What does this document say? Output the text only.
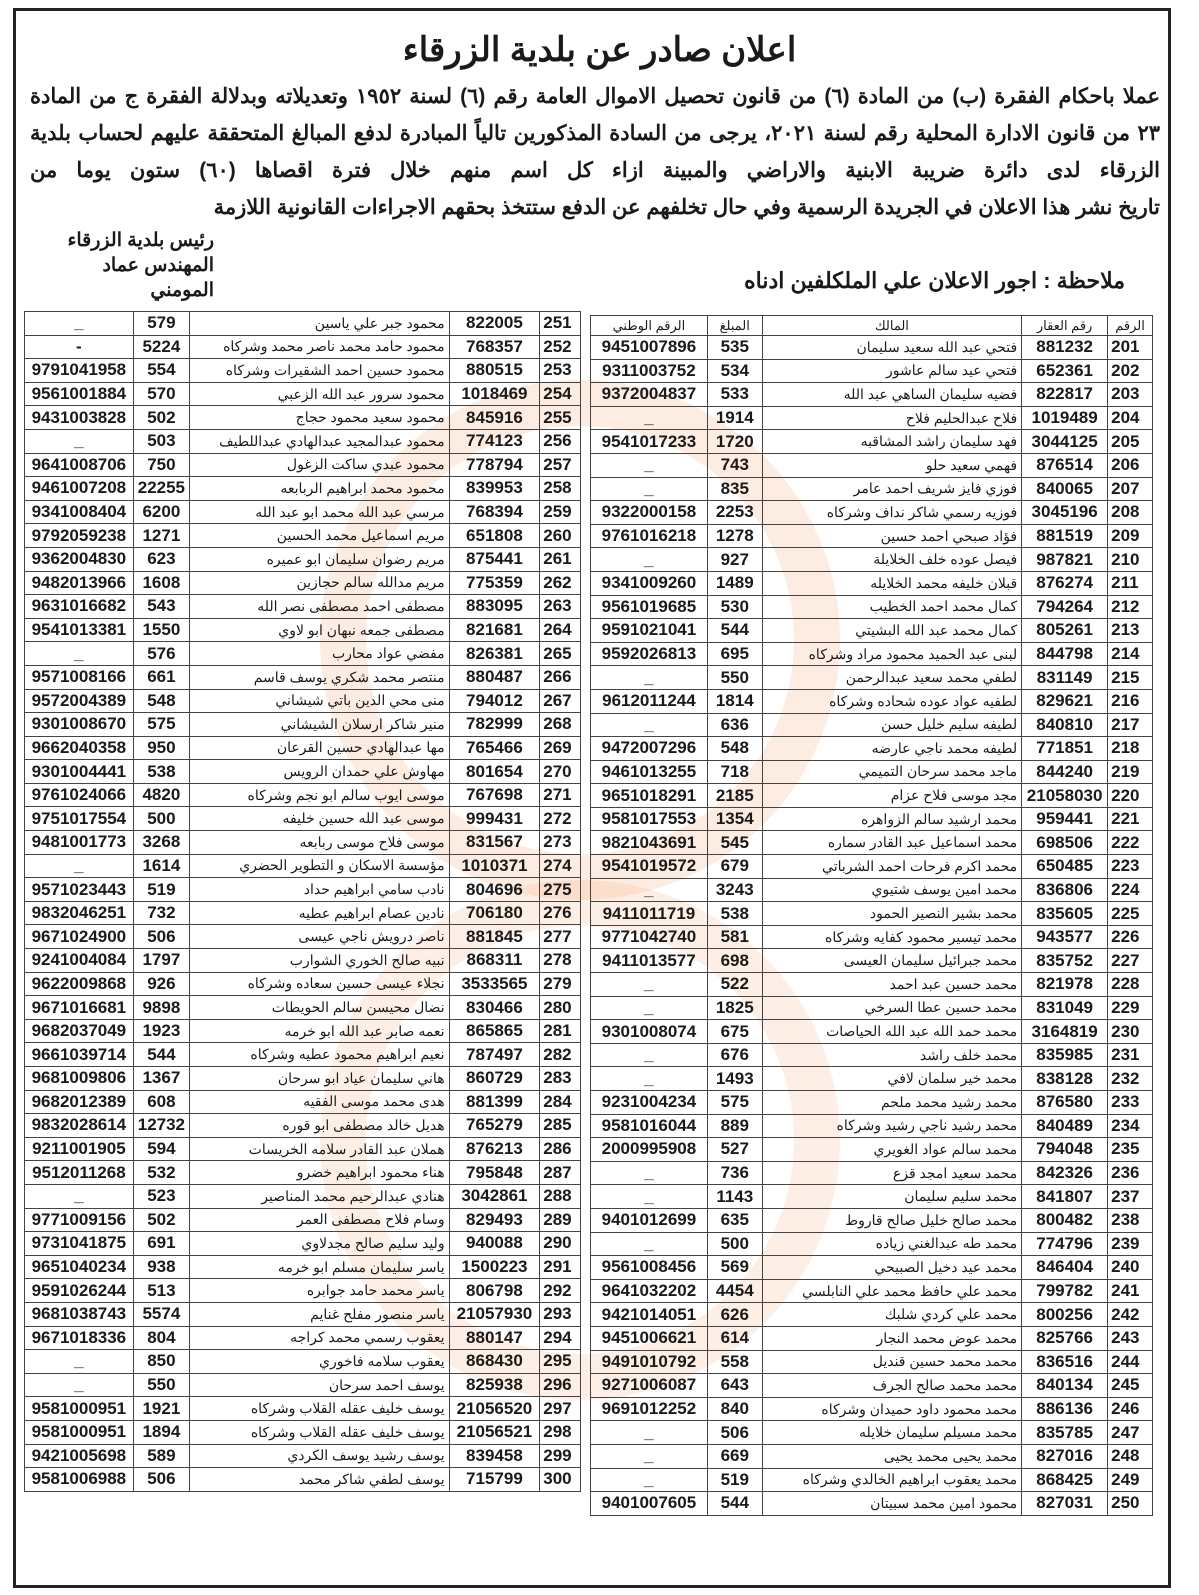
اعلان صادر عن بلدية الزرقاء
عملا باحكام الفقرة (ب) من المادة (٦) من قانون تحصيل الاموال العامة رقم (٦) لسنة ١٩٥٢ وتعديلاته وبدلالة الفقرة ج من المادة
٢٣ من قانون الادارة المحلية رقم لسنة ٢٠٢١، يرجى من السادة المذكورين تالياً المبادرة لدفع المبالغ المتحققة عليهم لحساب بلدية
الزرقاء لدى دائرة ضريبة الابنية والاراضي والمبينة ازاء كل اسم منهم خلال فترة اقصاها (٦٠) ستون يوما من
تاريخ نشر هذا الاعلان في الجريدة الرسمية وفي حال تخلفهم عن الدفع ستتخذ بحقهم الاجراءات القانونية اللازمة
رئيس بلدية الزرقاء
المهندس عماد المومني	ملاحظة : اجور الاعلان علي الملكلفين ادناه
الرقم	رقم العقار	المالك	المبلغ	الرقم الوطني
201	881232	فتحي عبد الله سعيد سليمان	535	9451007896
202	652361	فتحي عيد سالم عاشور	534	9311003752
203	822817	فضيه سليمان الساهي عبد الله	533	9372004837
204	1019489	فلاح عبدالحليم فلاح	1914	_
205	3044125	فهد سليمان راشد المشاقبه	1720	9541017233
206	876514	فهمي سعيد حلو	743	_
207	840065	فوزي فايز شريف احمد عامر	835	_
208	3045196	فوزيه رسمي شاكر نداف وشركاه	2253	9322000158
209	881519	فؤاد صبحي احمد حسين	1278	9761016218
210	987821	فيصل عوده خلف الخلايلة	927	_
211	876274	قبلان خليفه محمد الخلايله	1489	9341009260
212	794264	كمال محمد احمد الخطيب	530	9561019685
213	805261	كمال محمد عبد الله البشيتي	544	9591021041
214	844798	لبنى عبد الحميد محمود مراد وشركاه	695	9592026813
215	831149	لطفي محمد سعيد عبدالرحمن	550	_
216	829621	لطفيه عواد عوده شحاده وشركاه	1814	9612011244
217	840810	لطيفه سليم خليل حسن	636	_
218	771851	لطيفه محمد ناجي عارضه	548	9472007296
219	844240	ماجد محمد سرحان التميمي	718	9461013255
220	21058030	مجد موسى فلاح عزام	2185	9651018291
221	959441	محمد ارشيد سالم الزواهره	1354	9581017553
222	698506	محمد اسماعيل عبد القادر سماره	545	9821043691
223	650485	محمد اكرم فرحات احمد الشرباتي	679	9541019572
224	836806	محمد امين يوسف شتيوي	3243	_
225	835605	محمد بشير النصير الحمود	538	9411011719
226	943577	محمد تيسير محمود كفايه وشركاه	581	9771042740
227	835752	محمد جبرائيل سليمان العيسى	698	9411013577
228	821978	محمد حسين عبد احمد	522	_
229	831049	محمد حسين عطا السرخي	1825	_
230	3164819	محمد حمد الله عبد الله الحياصات	675	9301008074
231	835985	محمد خلف راشد	676	_
232	838128	محمد خير سلمان لافي	1493	_
233	876580	محمد رشيد محمد ملحم	575	9231004234
234	840489	محمد رشيد ناجي رشيد وشركاه	889	9581016044
235	794048	محمد سالم عواد الغويري	527	2000995908
236	842326	محمد سعيد امجد قزع	736	_
237	841807	محمد سليم سليمان	1143	_
238	800482	محمد صالح خليل صالح قاروط	635	9401012699
239	774796	محمد طه عبدالغني زياده	500	_
240	846404	محمد عيد دخيل الصبيحي	569	9561008456
241	799782	محمد علي حافظ محمد علي النابلسي	4454	9641032202
242	800256	محمد علي كردي شلبك	626	9421014051
243	825766	محمد عوض محمد النجار	614	9451006621
244	836516	محمد محمد حسين قنديل	558	9491010792
245	840134	محمد محمد صالح الجرف	643	9271006087
246	886136	محمد محمود داود حميدان وشركاه	840	9691012252
247	835785	محمد مسيلم سليمان خلايله	506	_
248	827016	محمد يحيى محمد يحيى	669	_
249	868425	محمد يعقوب ابراهيم الخالدي وشركاه	519	_
250	827031	محمود امين محمد سبيتان	544	9401007605
251	822005	محمود جبر علي ياسين	579	_
252	768357	محمود حامد محمد ناصر محمد وشركاه	5224	-
253	880515	محمود حسين احمد الشقيرات وشركاه	554	9791041958
254	1018469	محمود سرور عبد الله الزعبي	570	9561001884
255	845916	محمود سعيد محمود حجاج	502	9431003828
256	774123	محمود عبدالمجيد عبدالهادي عبداللطيف	503	_
257	778794	محمود عبدي ساكت الزغول	750	9641008706
258	839953	محمود محمد ابراهيم الربابعه	22255	9461007208
259	768394	مرسي عبد الله محمد ابو عبد الله	6200	9341008404
260	651808	مريم اسماعيل محمد الحسين	1271	9792059238
261	875441	مريم رضوان سليمان ابو عميره	623	9362004830
262	775359	مريم مدالله سالم حجازين	1608	9482013966
263	883095	مصطفى احمد مصطفى نصر الله	543	9631016682
264	821681	مصطفى جمعه نبهان ابو لاوي	1550	9541013381
265	826381	مفضي عواد محارب	576	_
266	880487	منتصر محمد شكري يوسف قاسم	661	9571008166
267	794012	منى محي الدين باتي شيشاني	548	9572004389
268	782999	منير شاكر ارسلان الشيشاني	575	9301008670
269	765466	مها عبدالهادي حسين القرعان	950	9662040358
270	801654	مهاوش علي حمدان الرويس	538	9301004441
271	767698	موسى ايوب سالم ابو نجم وشركاه	4820	9761024066
272	999431	موسى عبد الله حسين خليفه	500	9751017554
273	831567	موسى فلاح موسى ربابعه	3268	9481001773
274	1010371	مؤسسة الاسكان و التطوير الحضري	1614	_
275	804696	نادب سامي ابراهيم حداد	519	9571023443
276	706180	نادين عصام ابراهيم عطيه	732	9832046251
277	881845	ناصر درويش ناجي عيسى	506	9671024900
278	868311	نبيه صالح الخوري الشوارب	1797	9241004084
279	3533565	نجلاء عيسى حسين سعاده وشركاه	926	9622009868
280	830466	نضال محيسن سالم الحويطات	9898	9671016681
281	865865	نعمه صابر عبد الله ابو خرمه	1923	9682037049
282	787497	نعيم ابراهيم محمود عطيه وشركاه	544	9661039714
283	860729	هاني سليمان عياد ابو سرحان	1367	9681009806
284	881399	هدى محمد موسى الفقيه	608	9682012389
285	765279	هديل خالد مصطفى ابو قوره	12732	9832028614
286	876213	هملان عبد القادر سلامه الخريسات	594	9211001905
287	795848	هناء محمود ابراهيم خضرو	532	9512011268
288	3042861	هنادي عبدالرحيم محمد المناصير	523	_
289	829493	وسام فلاح مصطفى العمر	502	9771009156
290	940088	وليد سليم صالح مجدلاوي	691	9731041875
291	1500223	ياسر سليمان مسلم ابو خرمه	938	9651040234
292	806798	ياسر محمد حامد جوابره	513	9591026244
293	21057930	ياسر منصور مفلح غنايم	5574	9681038743
294	880147	يعقوب رسمي محمد كراجه	804	9671018336
295	868430	يعقوب سلامه فاخوري	850	_
296	825938	يوسف احمد سرحان	550	_
297	21056520	يوسف خليف عقله القلاب وشركاه	1921	9581000951
298	21056521	يوسف خليف عقله القلاب وشركاه	1894	9581000951
299	839458	يوسف رشيد يوسف الكردي	589	9421005698
300	715799	يوسف لطفي شاكر محمد	506	9581006988
